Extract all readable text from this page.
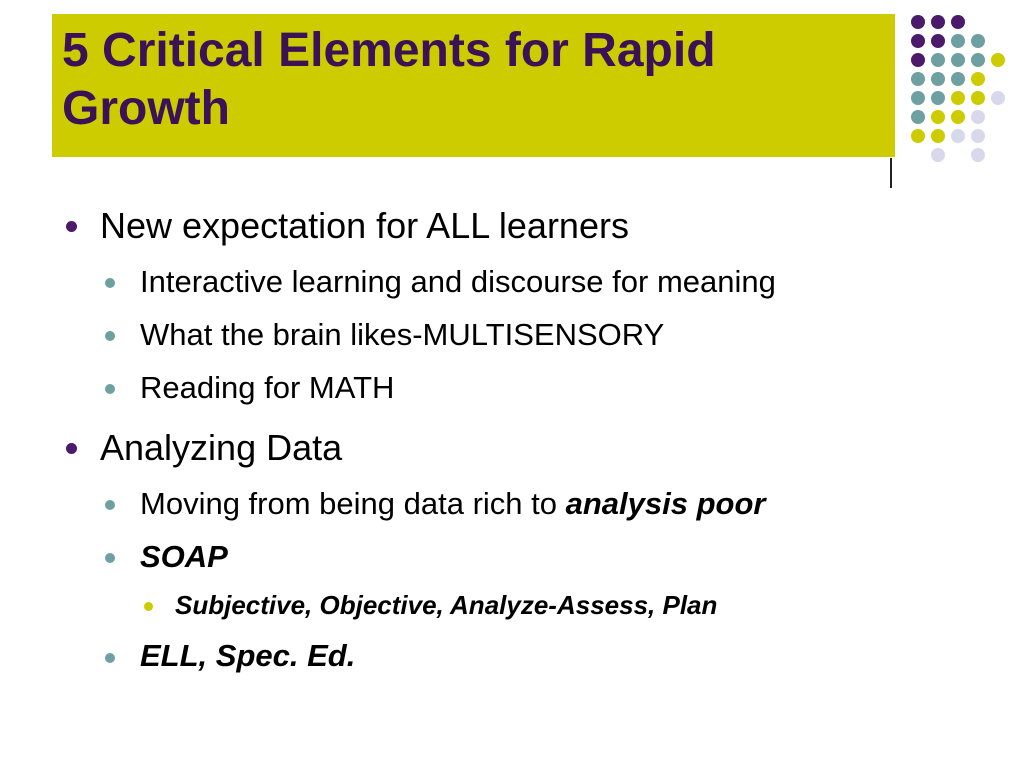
5 Critical Elements for Rapid
Growth
New expectation for ALL learners
Interactive learning and discourse for meaning
What the brain likes-MULTISENSORY
Reading for MATH
Analyzing Data
Moving from being data rich to analysis poor
SOAP
Subjective, Objective, Analyze-Assess, Plan
ELL, Spec. Ed.
